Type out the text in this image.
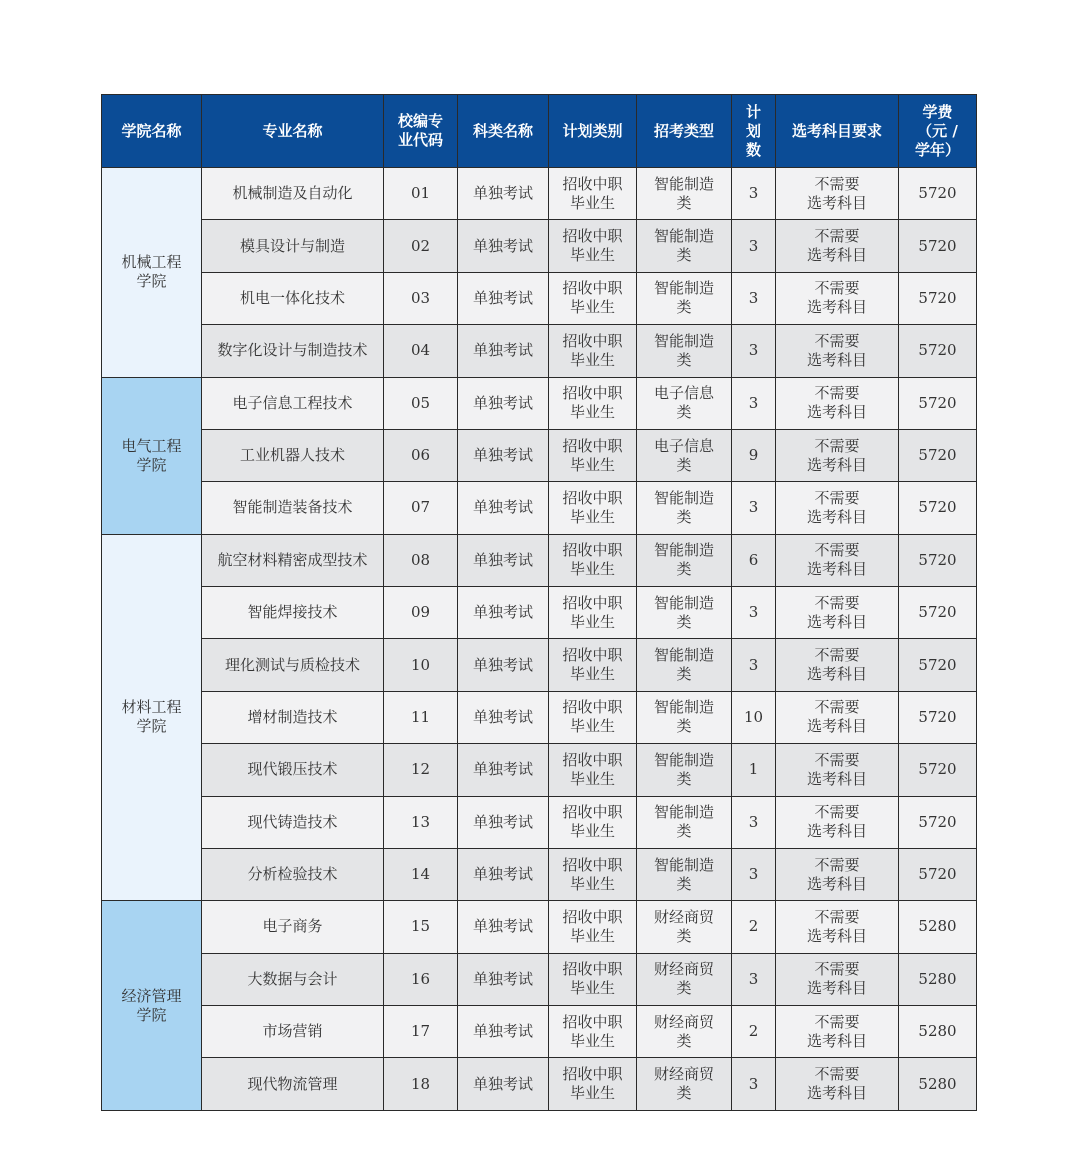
学院名称	专业名称	校编专
业代码	科类名称	计划类别	招考类型	计
划
数	选考科目要求	学费
（元 /
学年）

机械工程
学院	机械制造及自动化	01	单独考试	招收中职
毕业生	智能制造
类	3	不需要
选考科目	5720

	模具设计与制造	02	单独考试	招收中职
毕业生	智能制造
类	3	不需要
选考科目	5720

	机电一体化技术	03	单独考试	招收中职
毕业生	智能制造
类	3	不需要
选考科目	5720

	数字化设计与制造技术	04	单独考试	招收中职
毕业生	智能制造
类	3	不需要
选考科目	5720

电气工程
学院	电子信息工程技术	05	单独考试	招收中职
毕业生	电子信息
类	3	不需要
选考科目	5720

	工业机器人技术	06	单独考试	招收中职
毕业生	电子信息
类	9	不需要
选考科目	5720

	智能制造装备技术	07	单独考试	招收中职
毕业生	智能制造
类	3	不需要
选考科目	5720

材料工程
学院	航空材料精密成型技术	08	单独考试	招收中职
毕业生	智能制造
类	6	不需要
选考科目	5720

	智能焊接技术	09	单独考试	招收中职
毕业生	智能制造
类	3	不需要
选考科目	5720

	理化测试与质检技术	10	单独考试	招收中职
毕业生	智能制造
类	3	不需要
选考科目	5720

	增材制造技术	11	单独考试	招收中职
毕业生	智能制造
类	10	不需要
选考科目	5720

	现代锻压技术	12	单独考试	招收中职
毕业生	智能制造
类	1	不需要
选考科目	5720

	现代铸造技术	13	单独考试	招收中职
毕业生	智能制造
类	3	不需要
选考科目	5720

	分析检验技术	14	单独考试	招收中职
毕业生	智能制造
类	3	不需要
选考科目	5720

经济管理
学院	电子商务	15	单独考试	招收中职
毕业生	财经商贸
类	2	不需要
选考科目	5280

	大数据与会计	16	单独考试	招收中职
毕业生	财经商贸
类	3	不需要
选考科目	5280

	市场营销	17	单独考试	招收中职
毕业生	财经商贸
类	2	不需要
选考科目	5280

	现代物流管理	18	单独考试	招收中职
毕业生	财经商贸
类	3	不需要
选考科目	5280
